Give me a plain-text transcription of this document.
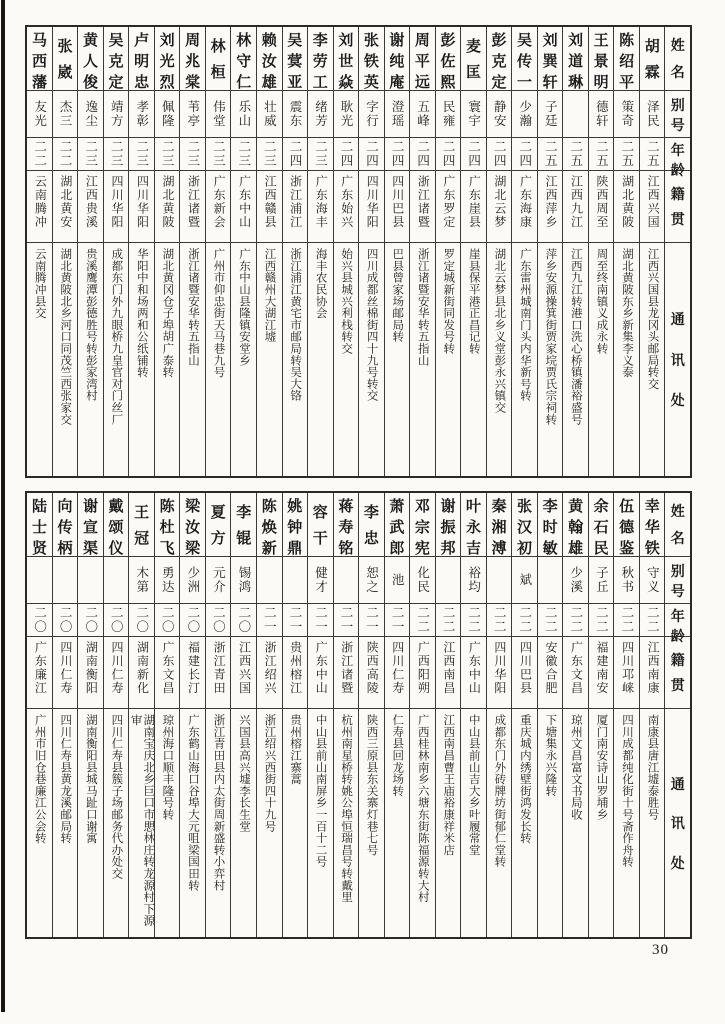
姓
名
别
号
年
龄
籍
贯
通
讯
处
胡
霖
泽民
二五
江西兴国
江西兴国县龙冈头邮局转交
陈
绍
平
策奇
二五
湖北黄陂
湖北黄陂东乡新集李义泰
王
景
明
德轩
二五
陕西周至
周至终南镇义成永转
刘
道
琳
二五
江西九江
江西九江转港口洗心桥镇潘裕盛号
刘
巽
轩
子廷
二五
江西萍乡
萍乡安源操箕街贾家垸贾氏宗祠转
吴
传
一
少瀚
二四
广东海康
广东雷州城南门头内华新号转
彭
克
定
静安
二四
湖北云梦
湖北云梦县北乡义堂彭永兴镇交
麦
匡
寰宇
二四
广东崖县
崖县保平港正昌记转
彭
佐
熙
民雍
二四
广东罗定
罗定城新街同发号转
周
平
远
五峰
二四
浙江诸暨
浙江诸暨安华转五指山
谢
纯
庵
澄瑶
二四
四川巴县
巴县曾家场邮局转
张
铁
英
字行
二四
四川华阳
四川成都丝棉街四十九号转交
刘
世
焱
耿光
二四
广东始兴
始兴县城兴利栈转交
李
劳
工
绪芳
二三
广东海丰
海丰农民协会
吴
蓂
亚
震东
二四
浙江浦江
浙江浦江黄宅市邮局转吴大铬
赖
汝
雄
壮威
二三
江西赣县
江西赣州大湖江墟
林
守
仁
乐山
二三
广东中山
广东中山县隆镇安堂乡
林
桓
伟堂
二三
广东新会
广州市仰忠街天马巷九号
周
兆
棠
苇亭
二三
浙江诸暨
浙江诸暨安华转五指山
刘
光
烈
佩隆
二三
湖北黄陂
湖北黄冈仓子埠胡广泰转
卢
明
忠
孝彰
二三
四川华阳
华阳中和场两和公纸铺转
吴
克
定
靖方
二三
四川华阳
成都东门外九眼桥九皇官对门丝厂
黄
人
俊
逸尘
二三
江西贵溪
贵溪鹰潭彭德胜号转彭家湾村
张
崴
杰三
二二
湖北黄安
湖北黄陂北乡河口同茂竺西张家交
马
西
藩
友光
二二
云南腾冲
云南腾冲县交
姓
名
别
号
年
龄
籍
贯
通
讯
处
幸
华
铁
守义
二二
江西南康
南康县唐江墟泰胜号
伍
德
鉴
秋书
二二
四川邛崃
四川成都纯化街十号斋作舟转
余
石
民
子丘
二二
福建南安
厦门南安诗山罗埔乡
黄
翰
雄
少溪
二二
广东文昌
琼州文昌富文书局收
李
时
敏
二二
安徽合肥
下塘集永兴隆转
张
汉
初
斌
二二
四川巴县
重庆城内绣壁街鸿发长转
秦
湘
溥
二二
四川华阳
成都东门外砖牌坊街郁仁堂转
叶
永
吉
裕均
二二
广东中山
中山县前山吉大乡叶履常堂
谢
振
邦
二二
江西南昌
江西南昌曹王庙裕康祥米店
邓
宗
宪
化民
二二
广西阳朔
广西桂林南乡六塘东街陈福源转大村
萧
武
郎
池
二一
四川仁寿
仁寿县回龙场转
李
忠
恕之
二一
陕西高陵
陕西三原县东关寨灯巷七号
蒋
寿
铭
二一
浙江诸暨
杭州南星桥转姚公埠恒瑞昌号转戴里
容
干
健才
二一
广东中山
中山县前山南屏乡一百十二号
姚
钟
鼎
二一
贵州榕江
贵州榕江寨蒿
陈
焕
新
二一
浙江绍兴
浙江绍兴西街四十九号
李
锟
锡鸿
二〇
江西兴国
兴国县高兴墟李长生堂
夏
方
元介
二〇
浙江青田
浙江青田县内太街周新盛转小弈村
梁
汝
梁
少洲
二〇
福建长汀
广东鹤山海口谷埠大元咀梁国田转
陈
杜
飞
勇达
二〇
广东文昌
琼州海口顺丰隆号转
王
冠
木第
二〇
湖南新化
湖南宝庆北乡巨口市愳林庄转龙源村下源审
戴
颂
仪
二〇
四川仁寿
四川仁寿县簇子场邮务代办处交
谢
宣
渠
二〇
湖南衡阳
湖南衡阳县城马趾口谢寓
向
传
柄
二〇
四川仁寿
四川仁寿县黄龙溪邮局转
陆
士
贤
二〇
广东廉江
广州市旧仓巷廉江公会转
30
